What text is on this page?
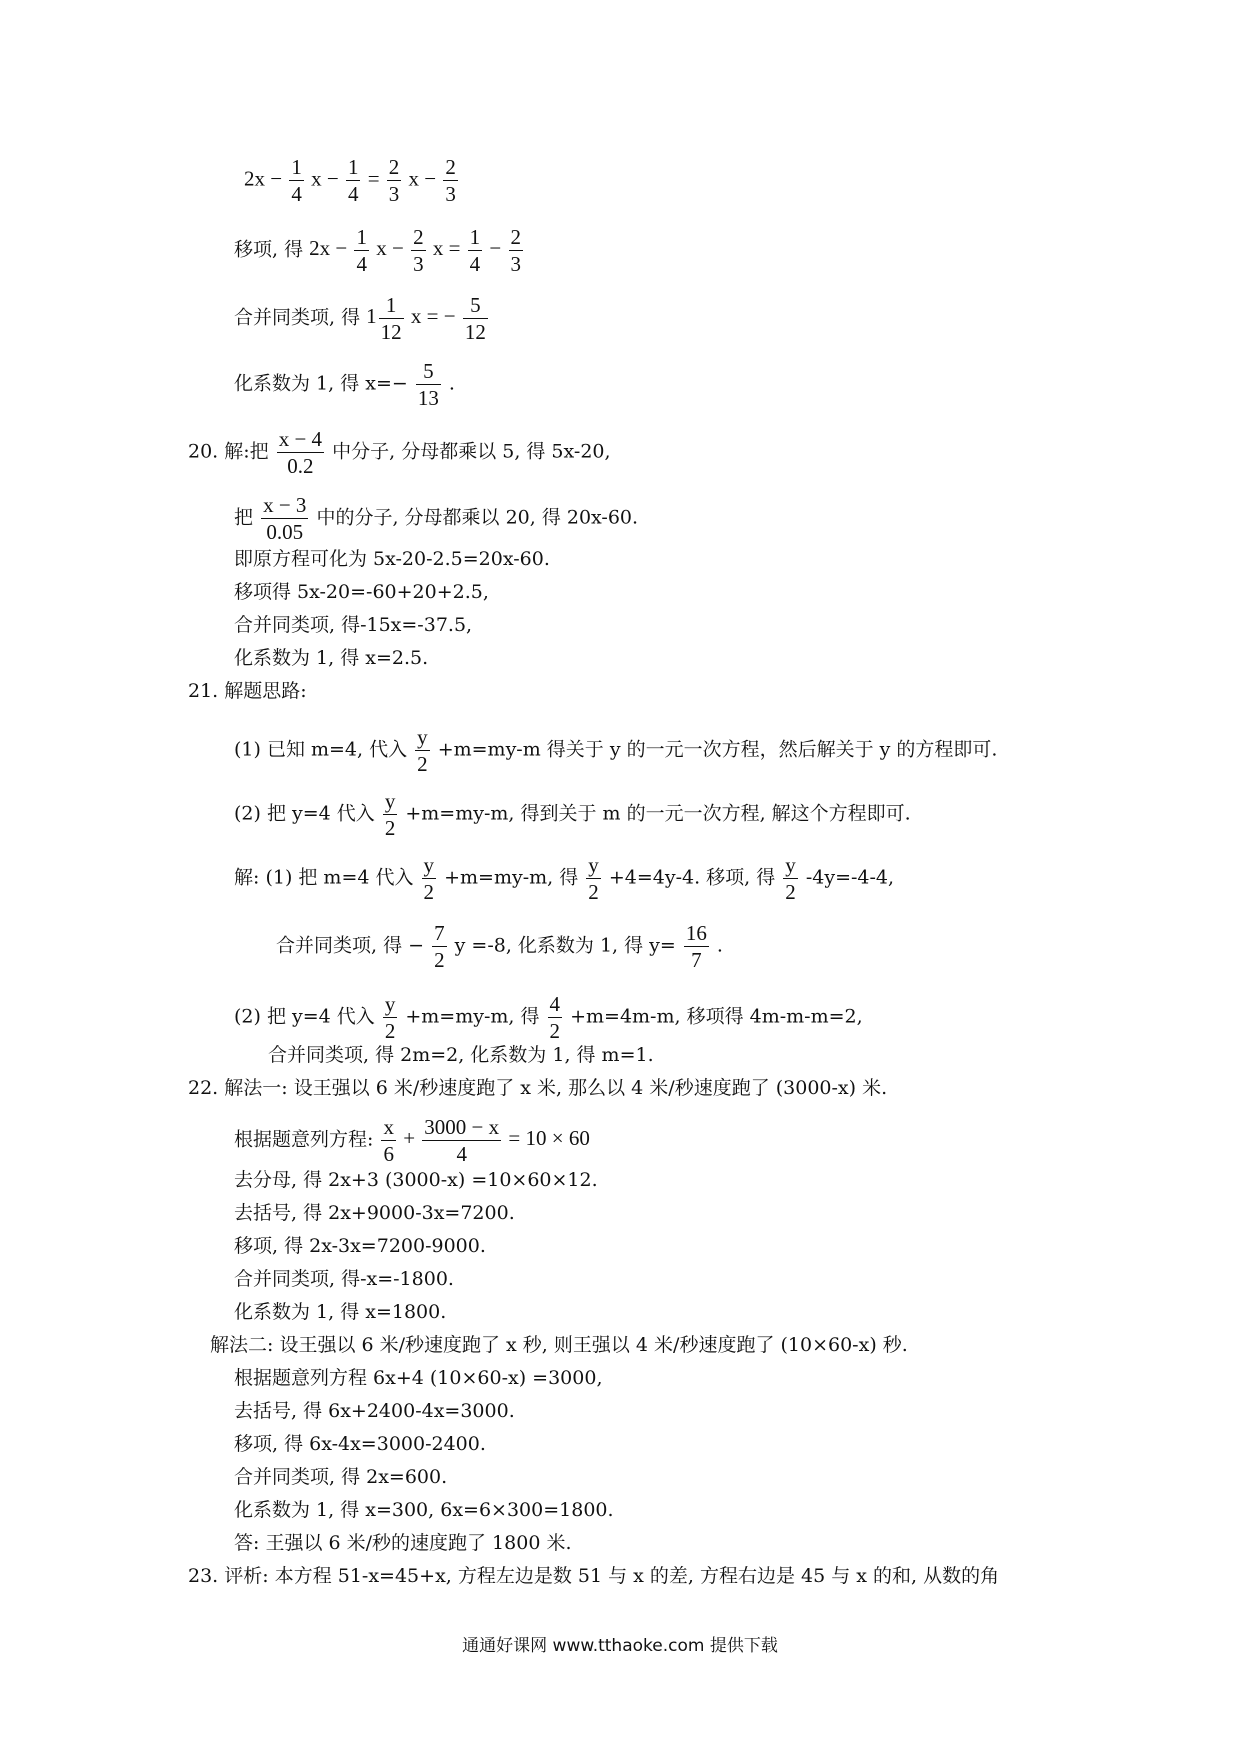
$2x - \frac{1}{4}$ $x - \frac{1}{4} = \frac{2}{3}$ $x - \frac{2}{3}$
移项, 得 $2x - \frac{1}{4}$ $x - \frac{2}{3}$ $x = \frac{1}{4} - \frac{2}{3}$
合并同类项, 得 $1 \frac{1}{12}$ x = − $\frac{5}{12}$
化系数为 1, 得 $x=- \frac{5}{13}$ .
20. 解:把 $\frac{x - 4}{0.2}$ 中分子, 分母都乘以 5, 得 5x-20,
把 $\frac{x - 3}{0.05}$ 中的分子, 分母都乘以 20, 得 20x-60.
即原方程可化为 5x-20-2.5=20x-60.
移项得 5x-20=-60+20+2.5,
合并同类项, 得-15x=-37.5,
化系数为 1, 得 x=2.5.
21. 解题思路:
(1) 已知 m=4, 代入 $\frac{y}{2} +m=my-m$ 得关于 y 的一元一次方程，然后解关于 y 的方程即可.
(2) 把 y=4 代入 $\frac{y}{2} +m=my-m$, 得到关于 m 的一元一次方程, 解这个方程即可.
解: (1) 把 m=4 代入 $\frac{y}{2} +m=my-m$, 得 $\frac{y}{2} +4=4y-4$. 移项, 得 $\frac{y}{2} -4y=-4-4$,
合并同类项, 得 − $\frac{7}{2}$ y =-8, 化系数为 1, 得 $y= \frac{16}{7}$ .
(2) 把 y=4 代入 $\frac{y}{2} +m=my-m$, 得 $\frac{4}{2} +m=4m-m$, 移项得 4m-m-m=2,
合并同类项, 得 2m=2, 化系数为 1, 得 m=1.
22. 解法一: 设王强以 6 米/秒速度跑了 x 米, 那么以 4 米/秒速度跑了 (3000-x) 米.
根据题意列方程: $\frac{x}{6} + \frac{3000 - x}{4} = 10 \times 60$
去分母, 得 2x+3 (3000-x) =10×60×12.
去括号, 得 2x+9000-3x=7200.
移项, 得 2x-3x=7200-9000.
合并同类项, 得-x=-1800.
化系数为 1, 得 x=1800.
解法二: 设王强以 6 米/秒速度跑了 x 秒, 则王强以 4 米/秒速度跑了 (10×60-x) 秒.
根据题意列方程 6x+4 (10×60-x) =3000,
去括号, 得 6x+2400-4x=3000.
移项, 得 6x-4x=3000-2400.
合并同类项, 得 2x=600.
化系数为 1, 得 x=300, 6x=6×300=1800.
答: 王强以 6 米/秒的速度跑了 1800 米.
23. 评析: 本方程 51-x=45+x, 方程左边是数 51 与 x 的差, 方程右边是 45 与 x 的和, 从数的角
通通好课网 www.tthaoke.com 提供下载
